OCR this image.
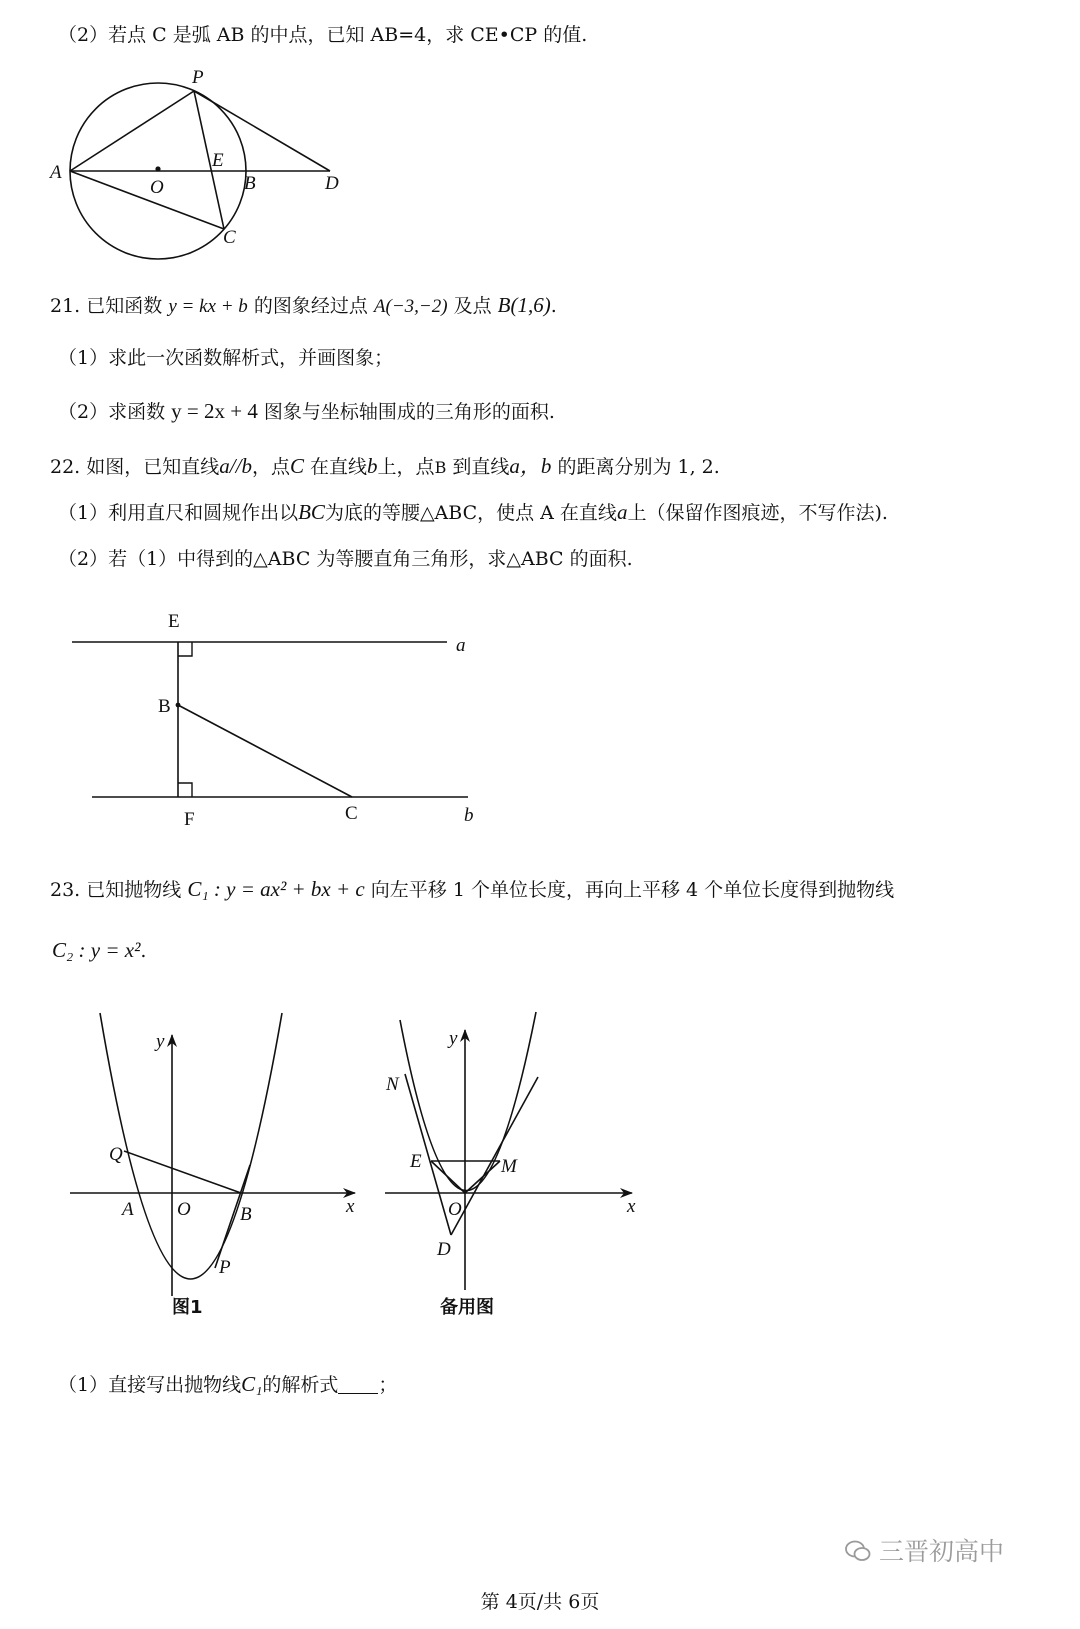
（2）若点 C 是弧 AB 的中点，已知 AB=4，求 CE•CP 的值.
P
A
O
E
B	D
C
21. 已知函数 y = kx + b 的图象经过点 A(−3,−2) 及点 B(1,6).
（1）求此一次函数解析式，并画图象；
（2）求函数 y = 2x + 4 图象与坐标轴围成的三角形的面积.
22. 如图，已知直线a//b，点C 在直线b上，点B 到直线a，b 的距离分别为 1, 2.
（1）利用直尺和圆规作出以BC为底的等腰△ABC，使点 A 在直线a上（保留作图痕迹，不写作法).
（2）若（1）中得到的△ABC 为等腰直角三角形，求△ABC 的面积.
E
a
B
F	C	b
23. 已知抛物线 C₁ : y = ax² + bx + c 向左平移 1 个单位长度，再向上平移 4 个单位长度得到抛物线
C₂ : y = x².
y
x
Q
A O	B
P
图1
y
x
N
E	M
O
D
备用图
（1）直接写出抛物线C₁的解析式 ；
三晋初高中
第 4页/共 6页
